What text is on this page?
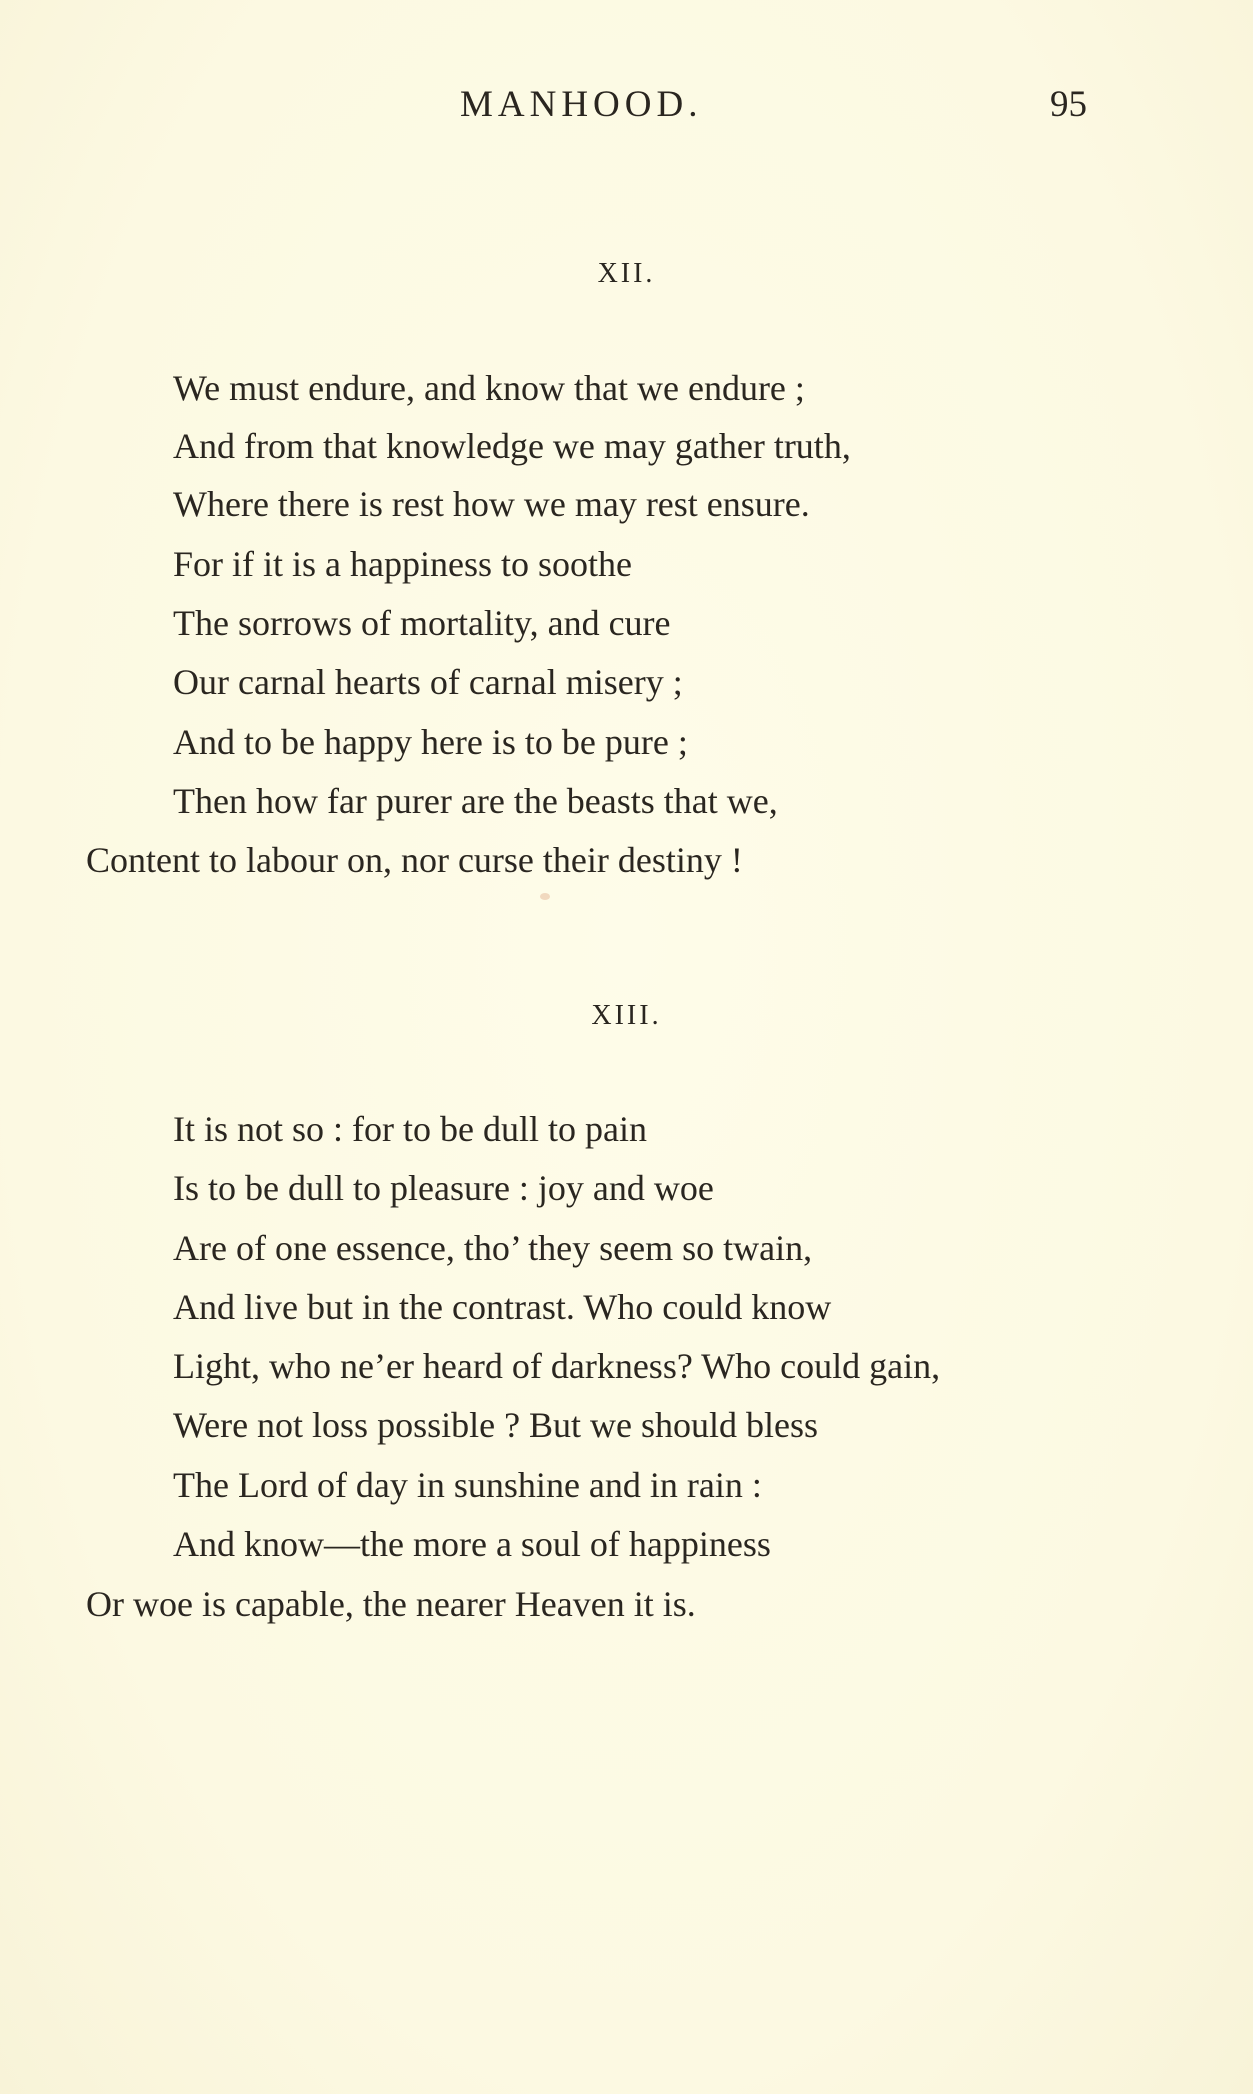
MANHOOD.	95
XII.
We must endure, and know that we endure ;
And from that knowledge we may gather truth,
Where there is rest how we may rest ensure.
For if it is a happiness to soothe
The sorrows of mortality, and cure
Our carnal hearts of carnal misery ;
And to be happy here is to be pure ;
Then how far purer are the beasts that we,
Content to labour on, nor curse their destiny !
XIII.
It is not so : for to be dull to pain
Is to be dull to pleasure : joy and woe
Are of one essence, tho’ they seem so twain,
And live but in the contrast. Who could know
Light, who ne’er heard of darkness? Who could gain,
Were not loss possible ? But we should bless
The Lord of day in sunshine and in rain :
And know—the more a soul of happiness
Or woe is capable, the nearer Heaven it is.
